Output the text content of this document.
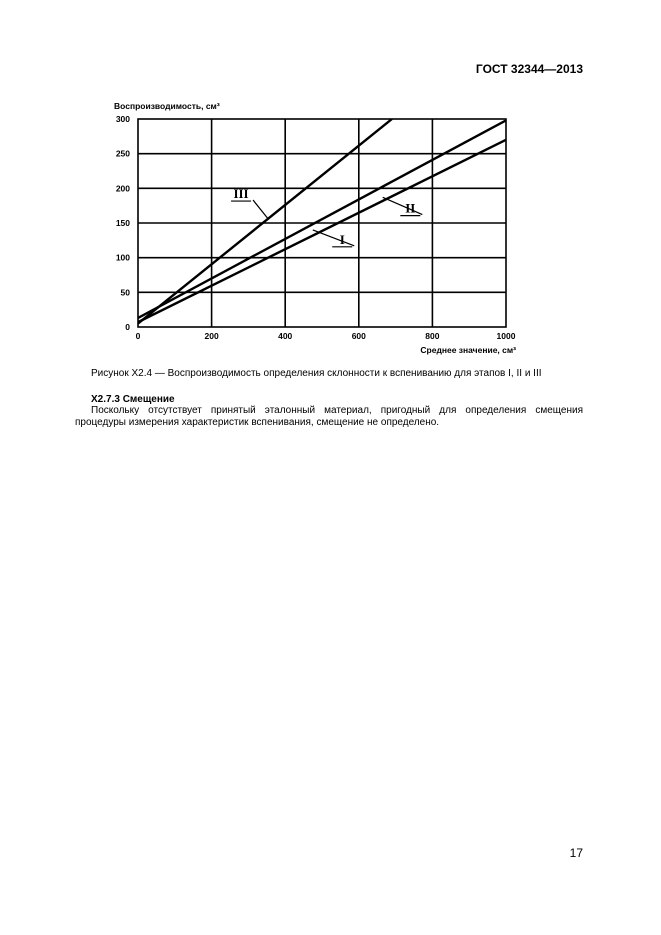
ГОСТ 32344—2013
0	200	400	600	800	1000
0
50
100
150
200
250
300
Воспроизводимость, см³
Среднее значение, см³
III
II
I
Рисунок Х2.4 — Воспроизводимость определения склонности к вспениванию для этапов I, II и III
Х2.7.3 Смещение
Поскольку отсутствует принятый эталонный материал, пригодный для определения смещения процедуры измерения характеристик вспенивания, смещение не определено.
17
